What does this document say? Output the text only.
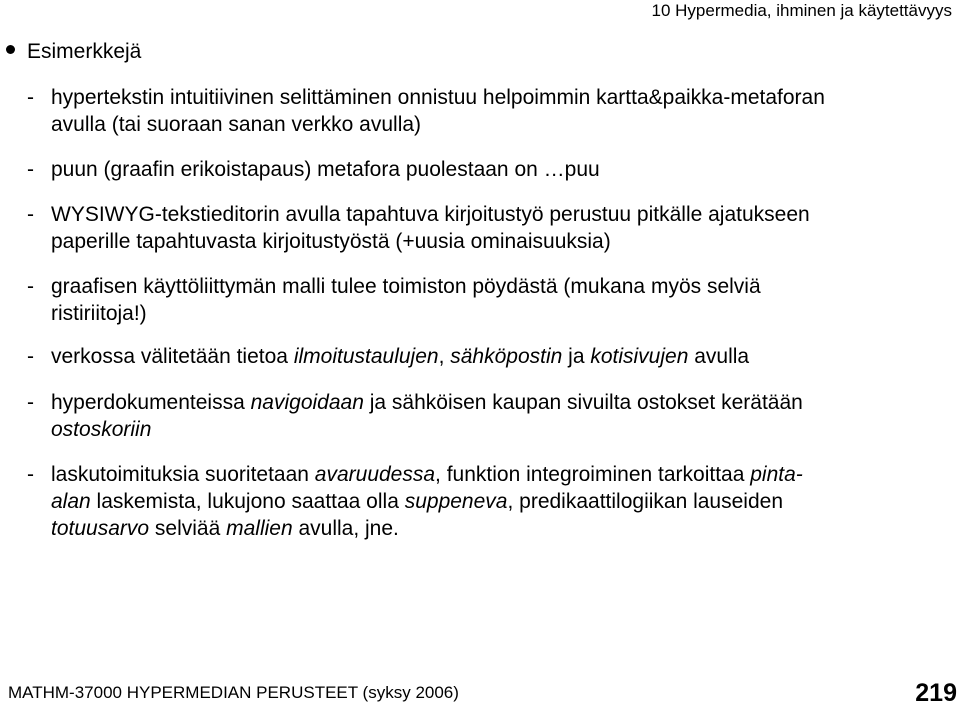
10 Hypermedia, ihminen ja käytettävyys
Esimerkkejä
- hypertekstin intuitiivinen selittäminen onnistuu helpoimmin kartta&paikka-metaforan
avulla (tai suoraan sanan verkko avulla)
- puun (graafin erikoistapaus) metafora puolestaan on …puu
- WYSIWYG-tekstieditorin avulla tapahtuva kirjoitustyö perustuu pitkälle ajatukseen
paperille tapahtuvasta kirjoitustyöstä (+uusia ominaisuuksia)
- graafisen käyttöliittymän malli tulee toimiston pöydästä (mukana myös selviä
ristiriitoja!)
- verkossa välitetään tietoa ilmoitustaulujen, sähköpostin ja kotisivujen avulla
- hyperdokumenteissa navigoidaan ja sähköisen kaupan sivuilta ostokset kerätään
ostoskoriin
- laskutoimituksia suoritetaan avaruudessa, funktion integroiminen tarkoittaa pinta-
alan laskemista, lukujono saattaa olla suppeneva, predikaattilogiikan lauseiden
totuusarvo selviää mallien avulla, jne.
MATHM-37000 HYPERMEDIAN PERUSTEET (syksy 2006)	219
